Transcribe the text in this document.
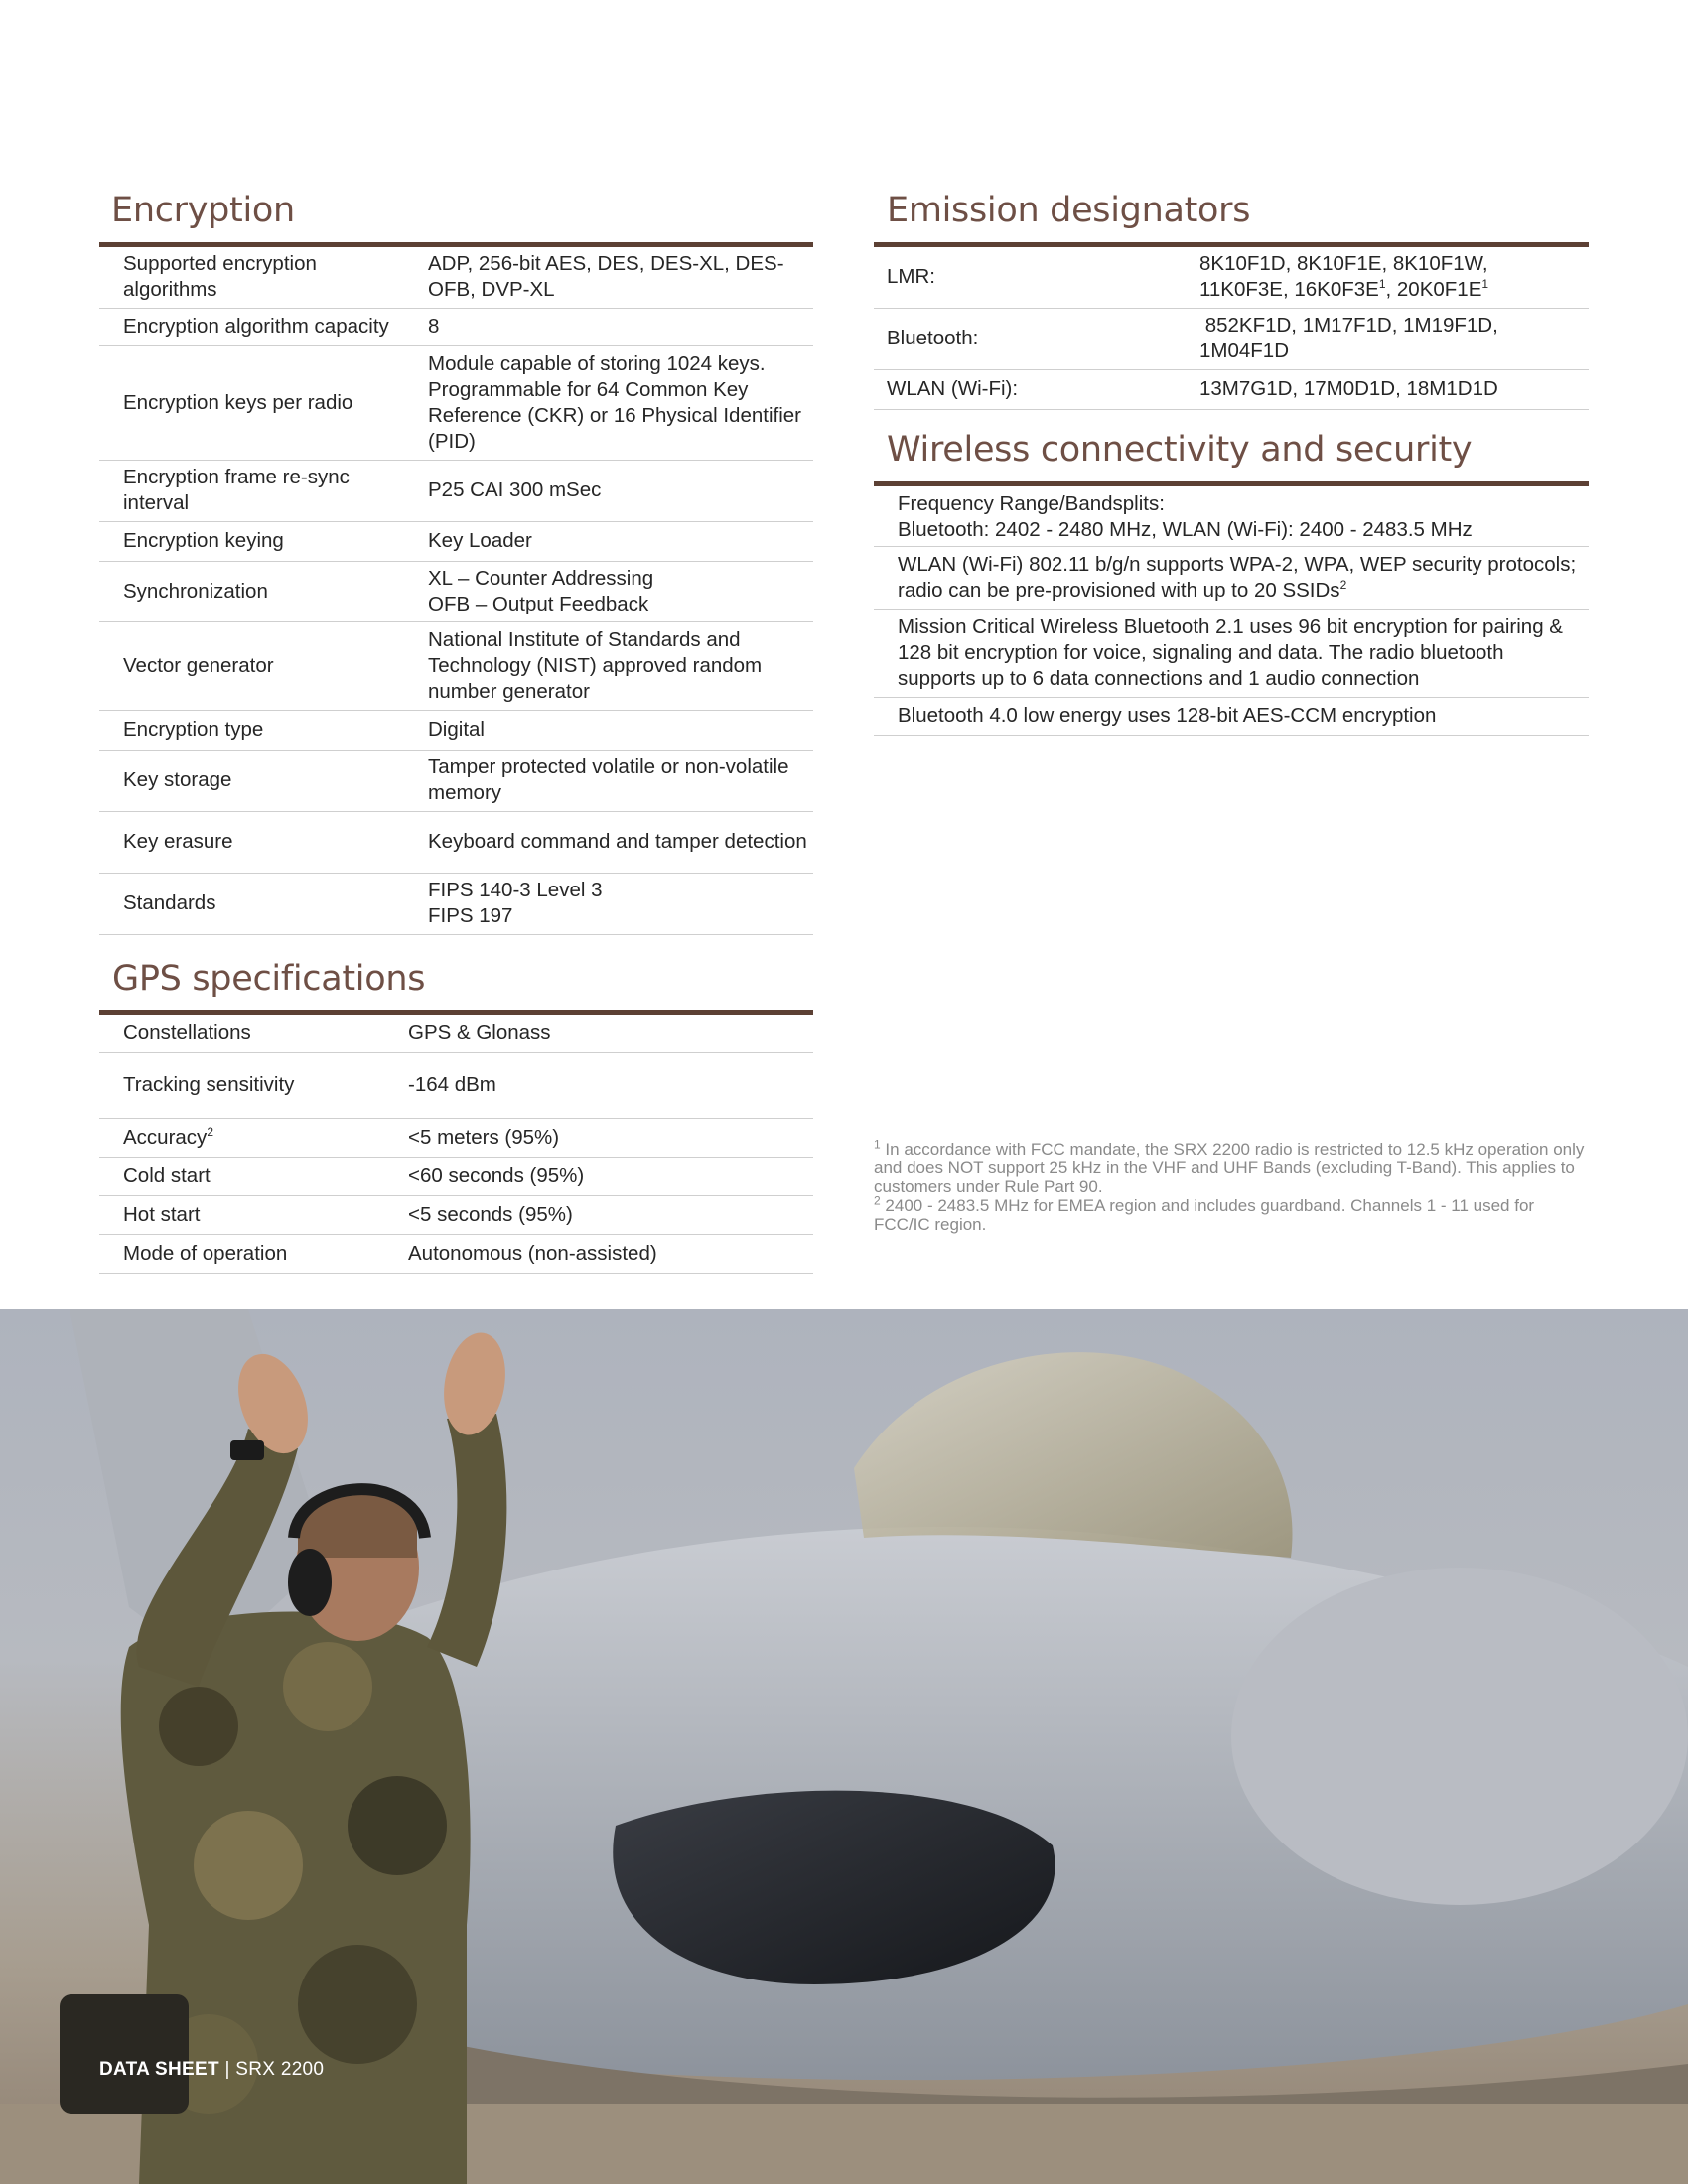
Encryption
Supported encryption algorithms	ADP, 256-bit AES, DES, DES-XL, DES-OFB, DVP-XL
Encryption algorithm capacity	8
Encryption keys per radio	Module capable of storing 1024 keys. Programmable for 64 Common Key Reference (CKR) or 16 Physical Identifier (PID)
Encryption frame re-sync interval	P25 CAI 300 mSec
Encryption keying	Key Loader
Synchronization	XL – Counter Addressing
OFB – Output Feedback
Vector generator	National Institute of Standards and Technology (NIST) approved random number generator
Encryption type	Digital
Key storage	Tamper protected volatile or non-volatile memory
Key erasure	Keyboard command and tamper detection
Standards	FIPS 140-3 Level 3
FIPS 197
GPS specifications
Constellations	GPS & Glonass
Tracking sensitivity	-164 dBm
Accuracy$^2$	<5 meters (95%)
Cold start	<60 seconds (95%)
Hot start	<5 seconds (95%)
Mode of operation	Autonomous (non-assisted)
Emission designators
LMR:	8K10F1D, 8K10F1E, 8K10F1W,
11K0F3E, $16K0F3E^1$, $20K0F1E^1$
Bluetooth:	852KF1D, 1M17F1D, 1M19F1D, 1M04F1D
WLAN (Wi-Fi):	13M7G1D, 17M0D1D, 18M1D1D
Wireless connectivity and security
Frequency Range/Bandsplits:
Bluetooth: 2402 - 2480 MHz, WLAN (Wi-Fi): 2400 - 2483.5 MHz
WLAN (Wi-Fi) 802.11 b/g/n supports WPA-2, WPA, WEP security protocols; radio can be pre-provisioned with up to 20 SSIDs$^2$
Mission Critical Wireless Bluetooth 2.1 uses 96 bit encryption for pairing & 128 bit encryption for voice, signaling and data. The radio bluetooth supports up to 6 data connections and 1 audio connection
Bluetooth 4.0 low energy uses 128-bit AES-CCM encryption

$^1$ In accordance with FCC mandate, the SRX 2200 radio is restricted to 12.5 kHz operation only and does NOT support 25 kHz in the VHF and UHF Bands (excluding T-Band). This applies to customers under Rule Part 90.

$^2$ 2400 - 2483.5 MHz for EMEA region and includes guardband. Channels 1 - 11 used for FCC/IC region.

DATA SHEET | SRX 2200
